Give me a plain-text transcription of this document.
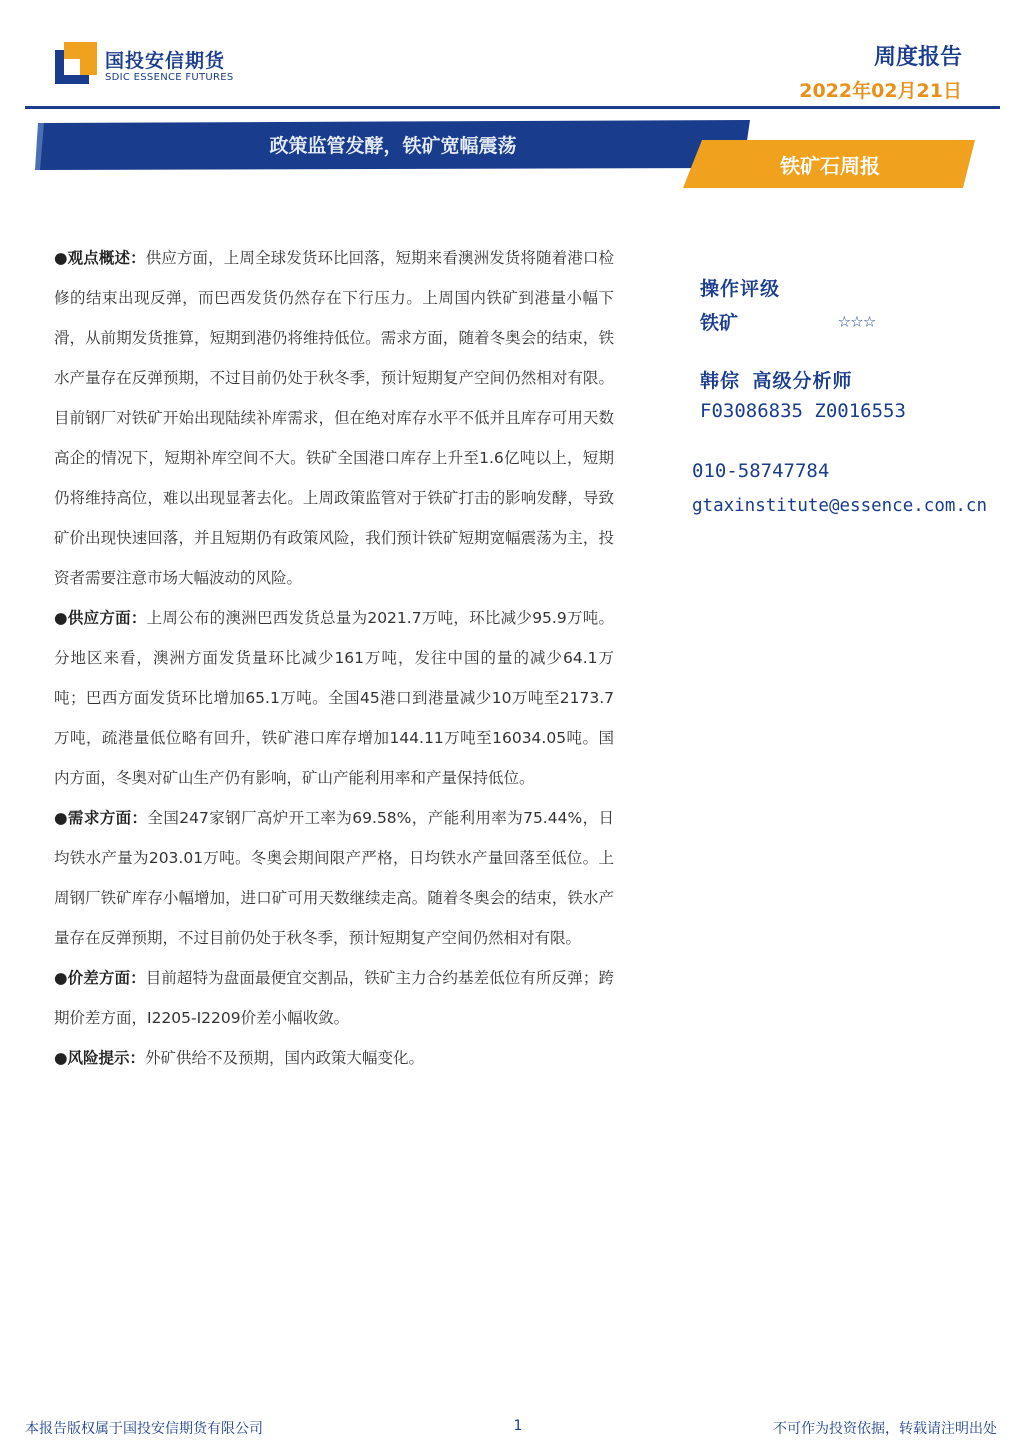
国投安信期货
SDIC ESSENCE FUTURES
周度报告
2022年02月21日
政策监管发酵，铁矿宽幅震荡
铁矿石周报

●观点概述：供应方面，上周全球发货环比回落，短期来看澳洲发货将随着港口检修的结束出现反弹，而巴西发货仍然存在下行压力。上周国内铁矿到港量小幅下滑，从前期发货推算，短期到港仍将维持低位。需求方面，随着冬奥会的结束，铁水产量存在反弹预期，不过目前仍处于秋冬季，预计短期复产空间仍然相对有限。目前钢厂对铁矿开始出现陆续补库需求，但在绝对库存水平不低并且库存可用天数高企的情况下，短期补库空间不大。铁矿全国港口库存上升至1.6亿吨以上，短期仍将维持高位，难以出现显著去化。上周政策监管对于铁矿打击的影响发酵，导致矿价出现快速回落，并且短期仍有政策风险，我们预计铁矿短期宽幅震荡为主，投资者需要注意市场大幅波动的风险。

●供应方面：上周公布的澳洲巴西发货总量为2021.7万吨，环比减少95.9万吨。分地区来看，澳洲方面发货量环比减少161万吨，发往中国的量的减少64.1万吨；巴西方面发货环比增加65.1万吨。全国45港口到港量减少10万吨至2173.7万吨，疏港量低位略有回升，铁矿港口库存增加144.11万吨至16034.05吨。国内方面，冬奥对矿山生产仍有影响，矿山产能利用率和产量保持低位。

●需求方面：全国247家钢厂高炉开工率为69.58%，产能利用率为75.44%，日均铁水产量为203.01万吨。冬奥会期间限产严格，日均铁水产量回落至低位。上周钢厂铁矿库存小幅增加，进口矿可用天数继续走高。随着冬奥会的结束，铁水产量存在反弹预期，不过目前仍处于秋冬季，预计短期复产空间仍然相对有限。

●价差方面：目前超特为盘面最便宜交割品，铁矿主力合约基差低位有所反弹；跨期价差方面，I2205-I2209价差小幅收敛。

●风险提示：外矿供给不及预期，国内政策大幅变化。

操作评级
铁矿	☆☆☆
韩倧 高级分析师
F03086835 Z0016553
010-58747784
gtaxinstitute@essence.com.cn
本报告版权属于国投安信期货有限公司	1	不可作为投资依据，转载请注明出处
